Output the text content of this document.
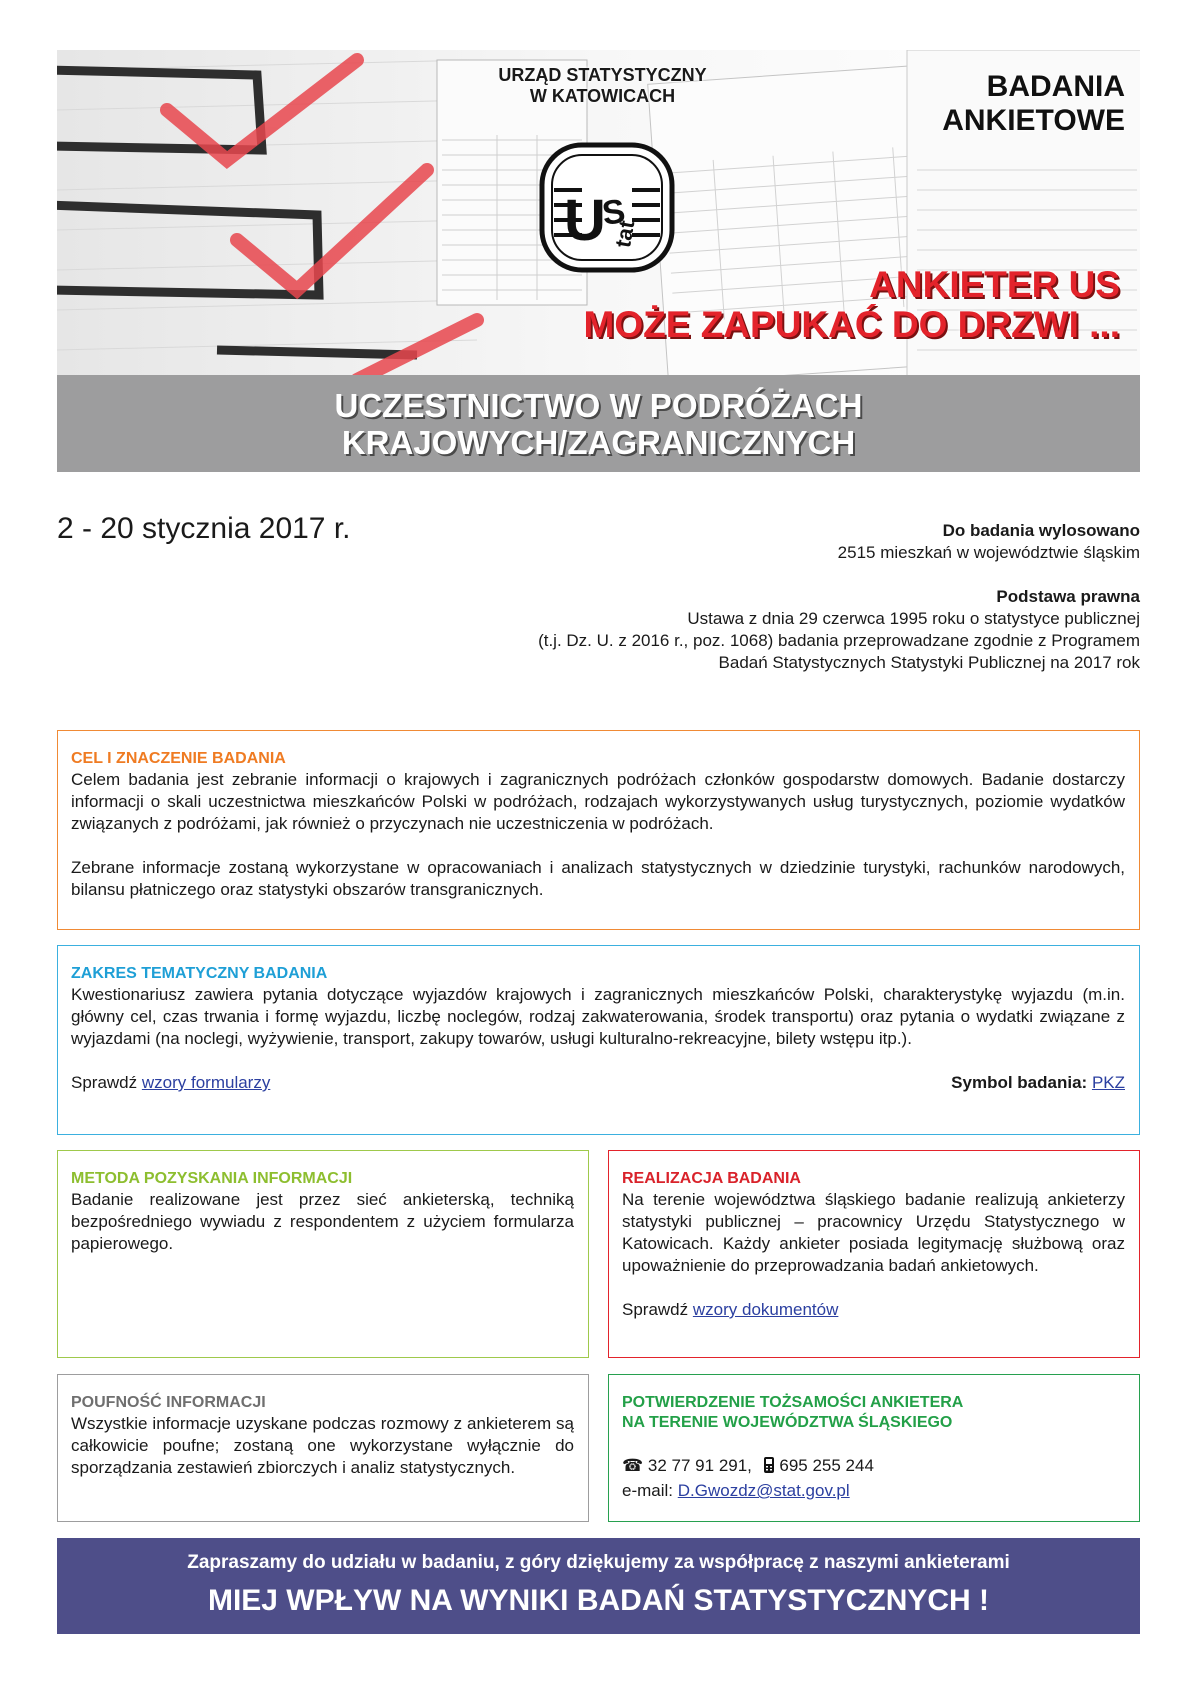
U
S
tat
URZĄD STATYSTYCZNY
W KATOWICACH	BADANIA
ANKIETOWE
ANKIETER US
MOŻE ZAPUKAĆ DO DRZWI ...
UCZESTNICTWO W PODRÓŻACH
KRAJOWYCH/ZAGRANICZNYCH
2 - 20 stycznia 2017 r.	Do badania wylosowano
2515 mieszkań w województwie śląskim
Podstawa prawna
Ustawa z dnia 29 czerwca 1995 roku o statystyce publicznej
(t.j. Dz. U. z 2016 r., poz. 1068) badania przeprowadzane zgodnie z Programem
Badań Statystycznych Statystyki Publicznej na 2017 rok
CEL I ZNACZENIE BADANIA

Celem badania jest zebranie informacji o krajowych i zagranicznych podróżach członków gospodarstw domowych. Badanie dostarczy informacji o skali uczestnictwa mieszkańców Polski w podróżach, rodzajach wykorzystywanych usług turystycznych, poziomie wydatków związanych z podróżami, jak również o przyczynach nie uczestniczenia w podróżach.

Zebrane informacje zostaną wykorzystane w opracowaniach i analizach statystycznych w dziedzinie turystyki, rachunków narodowych, bilansu płatniczego oraz statystyki obszarów transgranicznych.

ZAKRES TEMATYCZNY BADANIA

Kwestionariusz zawiera pytania dotyczące wyjazdów krajowych i zagranicznych mieszkańców Polski, charakterystykę wyjazdu (m.in. główny cel, czas trwania i formę wyjazdu, liczbę noclegów, rodzaj zakwaterowania, środek transportu) oraz pytania o wydatki związane z wyjazdami (na noclegi, wyżywienie, transport, zakupy towarów, usługi kulturalno-rekreacyjne, bilety wstępu itp.).

Sprawdź wzory formularzy	Symbol badania: PKZ
METODA POZYSKANIA INFORMACJI

Badanie realizowane jest przez sieć ankieterską, techniką bezpośredniego wywiadu z respondentem z użyciem formularza papierowego.

REALIZACJA BADANIA

Na terenie województwa śląskiego badanie realizują ankieterzy statystyki publicznej – pracownicy Urzędu Statystycznego w Katowicach. Każdy ankieter posiada legitymację służbową oraz upoważnienie do przeprowadzania badań ankietowych.

Sprawdź wzory dokumentów
POUFNOŚĆ INFORMACJI

Wszystkie informacje uzyskane podczas rozmowy z ankieterem są całkowicie poufne; zostaną one wykorzystane wyłącznie do sporządzania zestawień zbiorczych i analiz statystycznych.

POTWIERDZENIE TOŻSAMOŚCI ANKIETERA
NA TERENIE WOJEWÓDZTWA ŚLĄSKIEGO
☎ 32 77 91 291, 695 255 244
e-mail: D.Gwozdz@stat.gov.pl
Zapraszamy do udziału w badaniu, z góry dziękujemy za współpracę z naszymi ankieterami
MIEJ WPŁYW NA WYNIKI BADAŃ STATYSTYCZNYCH !
